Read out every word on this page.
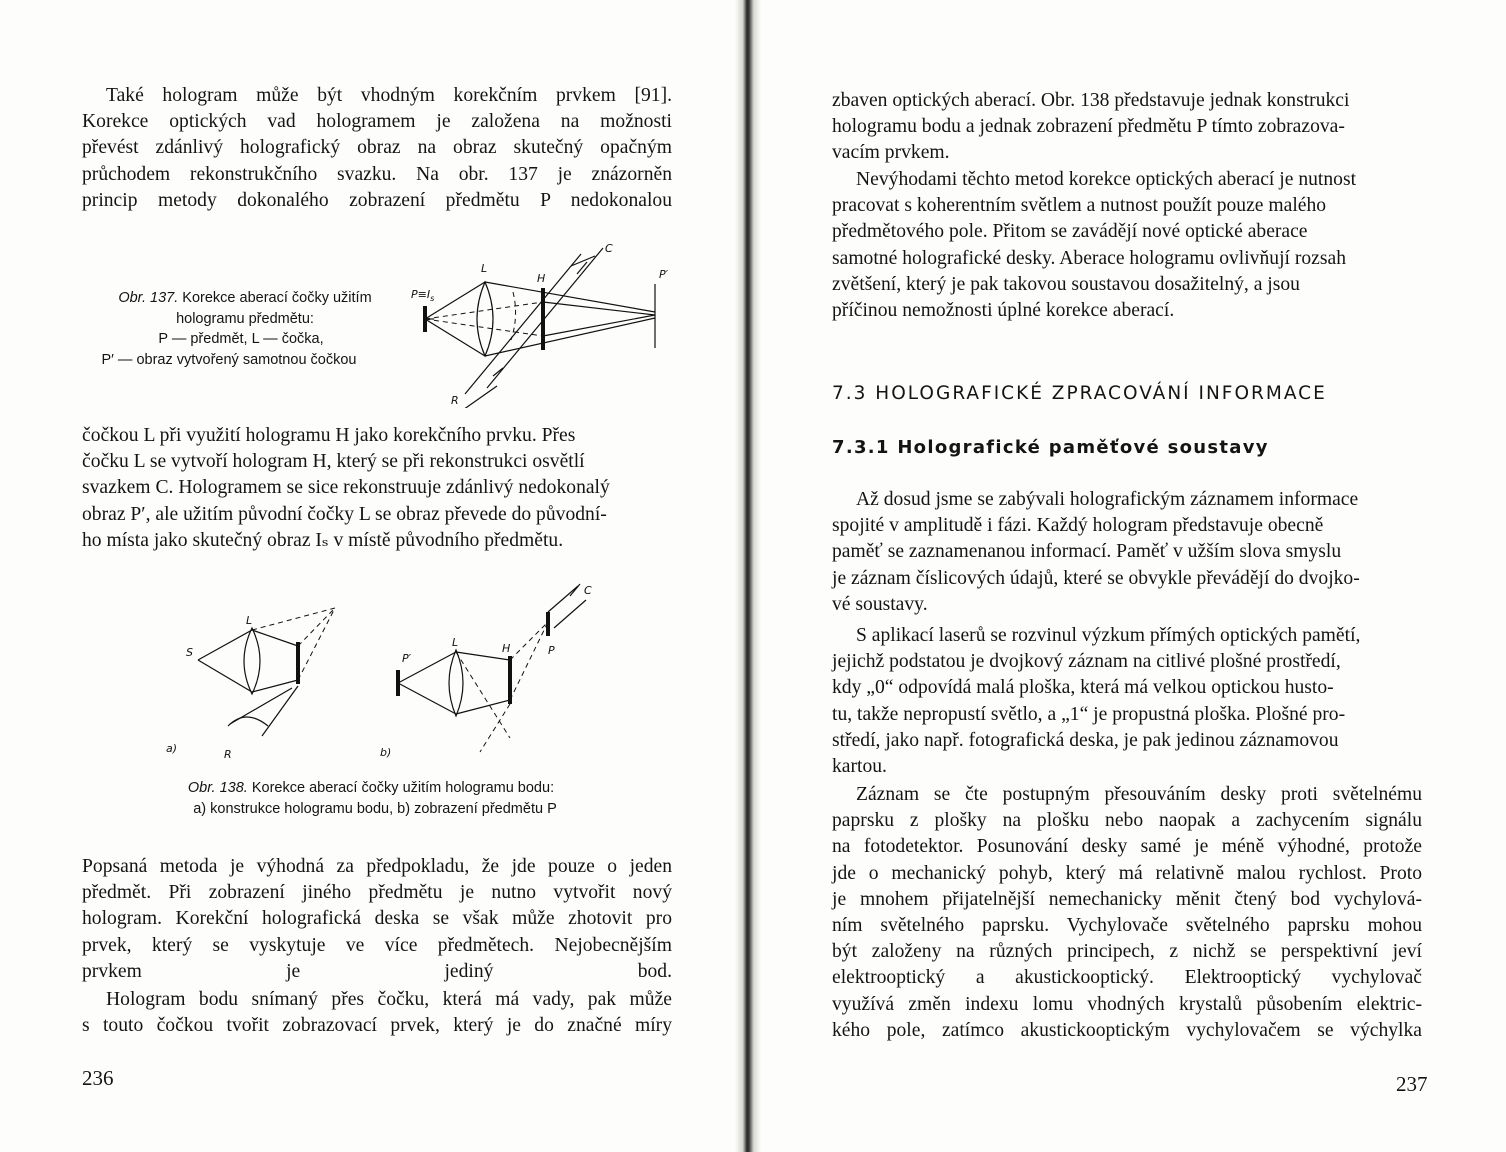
Také hologram může být vhodným korekčním prvkem [91].
Korekce optických vad hologramem je založena na možnosti
převést zdánlivý holografický obraz na obraz skutečný opačným
průchodem rekonstrukčního svazku. Na obr. 137 je znázorněn
princip metody dokonalého zobrazení předmětu P nedokonalou

Obr. 137. Korekce aberací čočky užitím
hologramu předmětu:
P — předmět, L — čočka,
P′ — obraz vytvořený samotnou čočkou
$P\equiv I_s$
L
H
C
P′
R

čočkou L při využití hologramu H jako korekčního prvku. Přes
čočku L se vytvoří hologram H, který se při rekonstrukci osvětlí
svazkem C. Hologramem se sice rekonstruuje zdánlivý nedokonalý
obraz P′, ale užitím původní čočky L se obraz převede do původní-
ho místa jako skutečný obraz Iₛ v místě původního předmětu.

S
L
R
a)
P′
L	H
C
P
b)
Obr. 138. Korekce aberací čočky užitím hologramu bodu:
a) konstrukce hologramu bodu, b) zobrazení předmětu P

Popsaná metoda je výhodná za předpokladu, že jde pouze o jeden
předmět. Při zobrazení jiného předmětu je nutno vytvořit nový
hologram. Korekční holografická deska se však může zhotovit pro
prvek, který se vyskytuje ve více předmětech. Nejobecnějším
prvkem je jediný bod.

Hologram bodu snímaný přes čočku, která má vady, pak může
s touto čočkou tvořit zobrazovací prvek, který je do značné míry

236

zbaven optických aberací. Obr. 138 představuje jednak konstrukci
hologramu bodu a jednak zobrazení předmětu P tímto zobrazova-
vacím prvkem.

Nevýhodami těchto metod korekce optických aberací je nutnost
pracovat s koherentním světlem a nutnost použít pouze malého
předmětového pole. Přitom se zavádějí nové optické aberace
samotné holografické desky. Aberace hologramu ovlivňují rozsah
zvětšení, který je pak takovou soustavou dosažitelný, a jsou
příčinou nemožnosti úplné korekce aberací.

7.3 HOLOGRAFICKÉ ZPRACOVÁNÍ INFORMACE
7.3.1 Holografické paměťové soustavy

Až dosud jsme se zabývali holografickým záznamem informace
spojité v amplitudě i fázi. Každý hologram představuje obecně
paměť se zaznamenanou informací. Paměť v užším slova smyslu
je záznam číslicových údajů, které se obvykle převádějí do dvojko-
vé soustavy.

S aplikací laserů se rozvinul výzkum přímých optických pamětí,
jejichž podstatou je dvojkový záznam na citlivé plošné prostředí,
kdy „0“ odpovídá malá ploška, která má velkou optickou husto-
tu, takže nepropustí světlo, a „1“ je propustná ploška. Plošné pro-
středí, jako např. fotografická deska, je pak jedinou záznamovou
kartou.

Záznam se čte postupným přesouváním desky proti světelnému
paprsku z plošky na plošku nebo naopak a zachycením signálu
na fotodetektor. Posunování desky samé je méně výhodné, protože
jde o mechanický pohyb, který má relativně malou rychlost. Proto
je mnohem přijatelnější nemechanicky měnit čtený bod vychylová-
ním světelného paprsku. Vychylovače světelného paprsku mohou
být založeny na různých principech, z nichž se perspektivní jeví
elektrooptický a akustickooptický. Elektrooptický vychylovač
využívá změn indexu lomu vhodných krystalů působením elektric-
kého pole, zatímco akustickooptickým vychylovačem se výchylka

237
